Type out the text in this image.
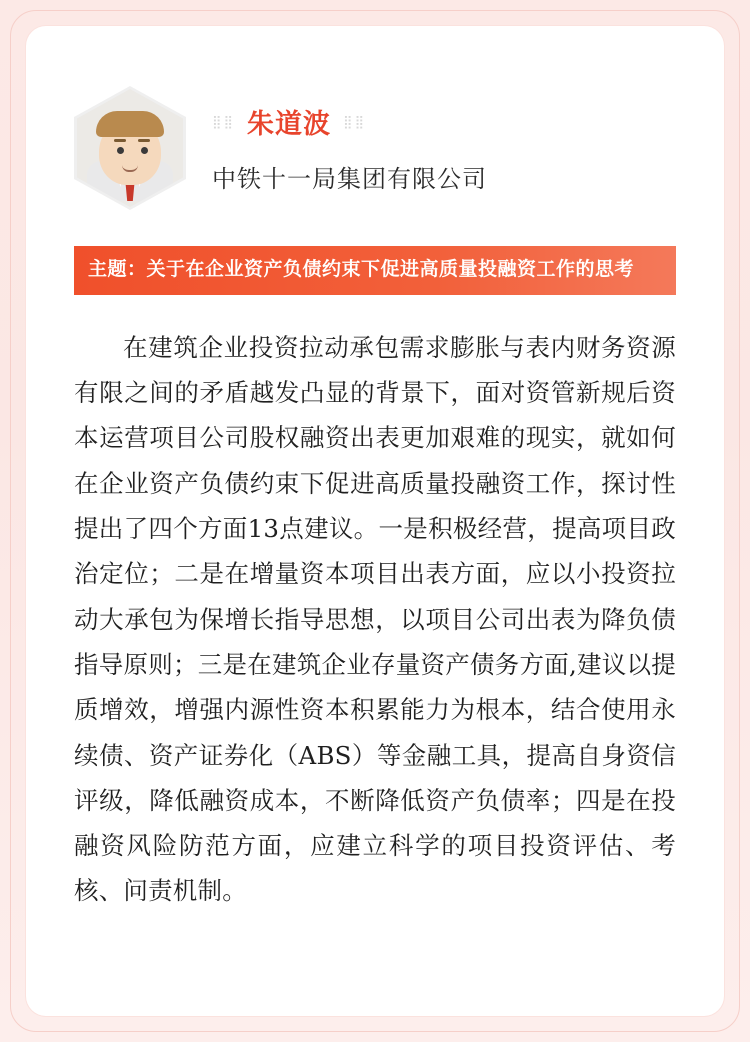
⣿⣿ 朱道波 ⣿⣿
中铁十一局集团有限公司
主题：关于在企业资产负债约束下促进高质量投融资工作的思考
在建筑企业投资拉动承包需求膨胀与表内财务资源有限之间的矛盾越发凸显的背景下，面对资管新规后资本运营项目公司股权融资出表更加艰难的现实，就如何在企业资产负债约束下促进高质量投融资工作，探讨性提出了四个方面13点建议。一是积极经营，提高项目政治定位；二是在增量资本项目出表方面，应以小投资拉动大承包为保增长指导思想，以项目公司出表为降负债指导原则；三是在建筑企业存量资产债务方面,建议以提质增效，增强内源性资本积累能力为根本，结合使用永续债、资产证券化（ABS）等金融工具，提高自身资信评级，降低融资成本，不断降低资产负债率；四是在投融资风险防范方面，应建立科学的项目投资评估、考核、问责机制。
